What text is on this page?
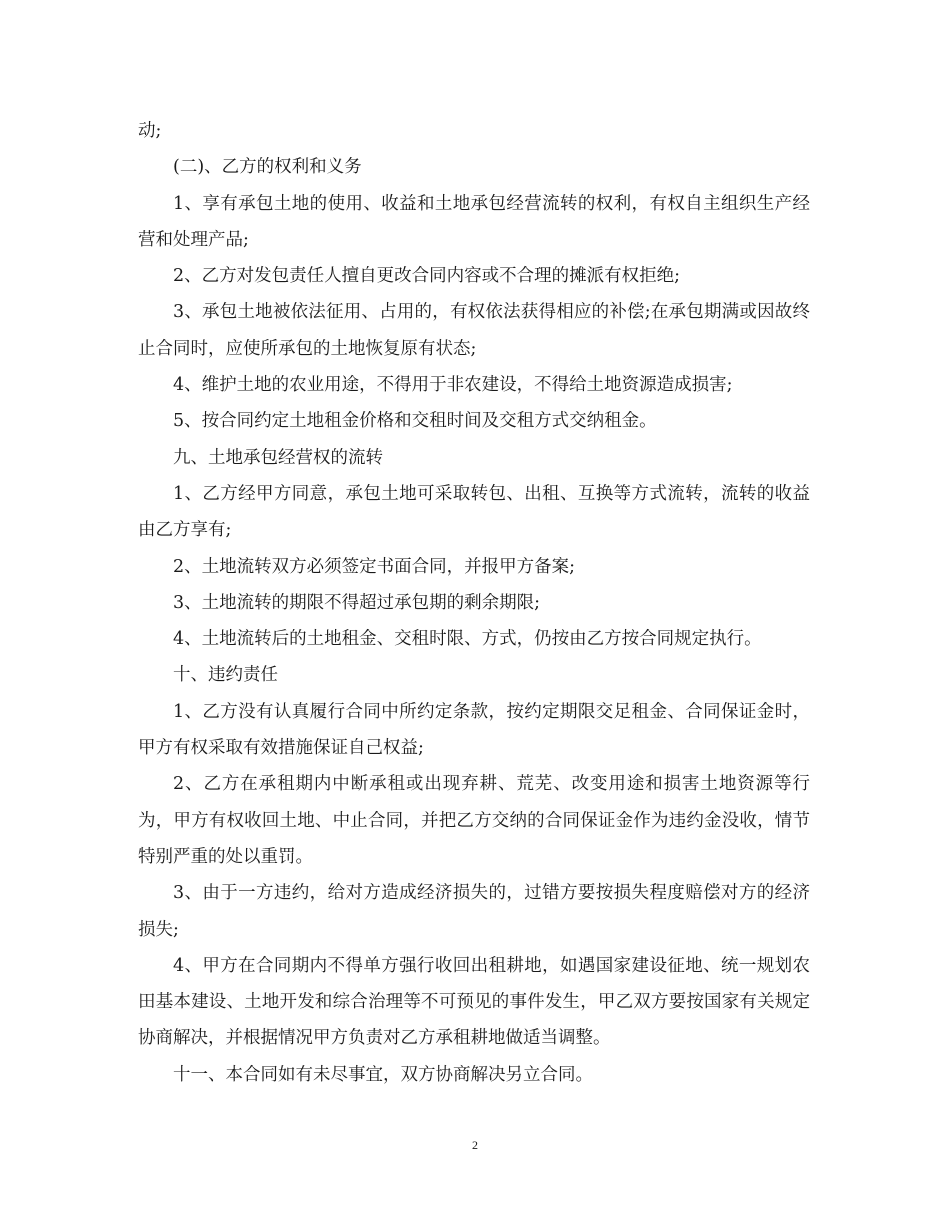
动;

(二)、乙方的权利和义务

1、享有承包土地的使用、收益和土地承包经营流转的权利，有权自主组织生产经营和处理产品;

2、乙方对发包责任人擅自更改合同内容或不合理的摊派有权拒绝;

3、承包土地被依法征用、占用的，有权依法获得相应的补偿;在承包期满或因故终止合同时，应使所承包的土地恢复原有状态;

4、维护土地的农业用途，不得用于非农建设，不得给土地资源造成损害;

5、按合同约定土地租金价格和交租时间及交租方式交纳租金。

九、土地承包经营权的流转

1、乙方经甲方同意，承包土地可采取转包、出租、互换等方式流转，流转的收益由乙方享有;

2、土地流转双方必须签定书面合同，并报甲方备案;

3、土地流转的期限不得超过承包期的剩余期限;

4、土地流转后的土地租金、交租时限、方式，仍按由乙方按合同规定执行。

十、违约责任

1、乙方没有认真履行合同中所约定条款，按约定期限交足租金、合同保证金时，甲方有权采取有效措施保证自己权益;

2、乙方在承租期内中断承租或出现弃耕、荒芜、改变用途和损害土地资源等行为，甲方有权收回土地、中止合同，并把乙方交纳的合同保证金作为违约金没收，情节特别严重的处以重罚。

3、由于一方违约，给对方造成经济损失的，过错方要按损失程度赔偿对方的经济损失;

4、甲方在合同期内不得单方强行收回出租耕地，如遇国家建设征地、统一规划农田基本建设、土地开发和综合治理等不可预见的事件发生，甲乙双方要按国家有关规定协商解决，并根据情况甲方负责对乙方承租耕地做适当调整。

十一、本合同如有未尽事宜，双方协商解决另立合同。

2
